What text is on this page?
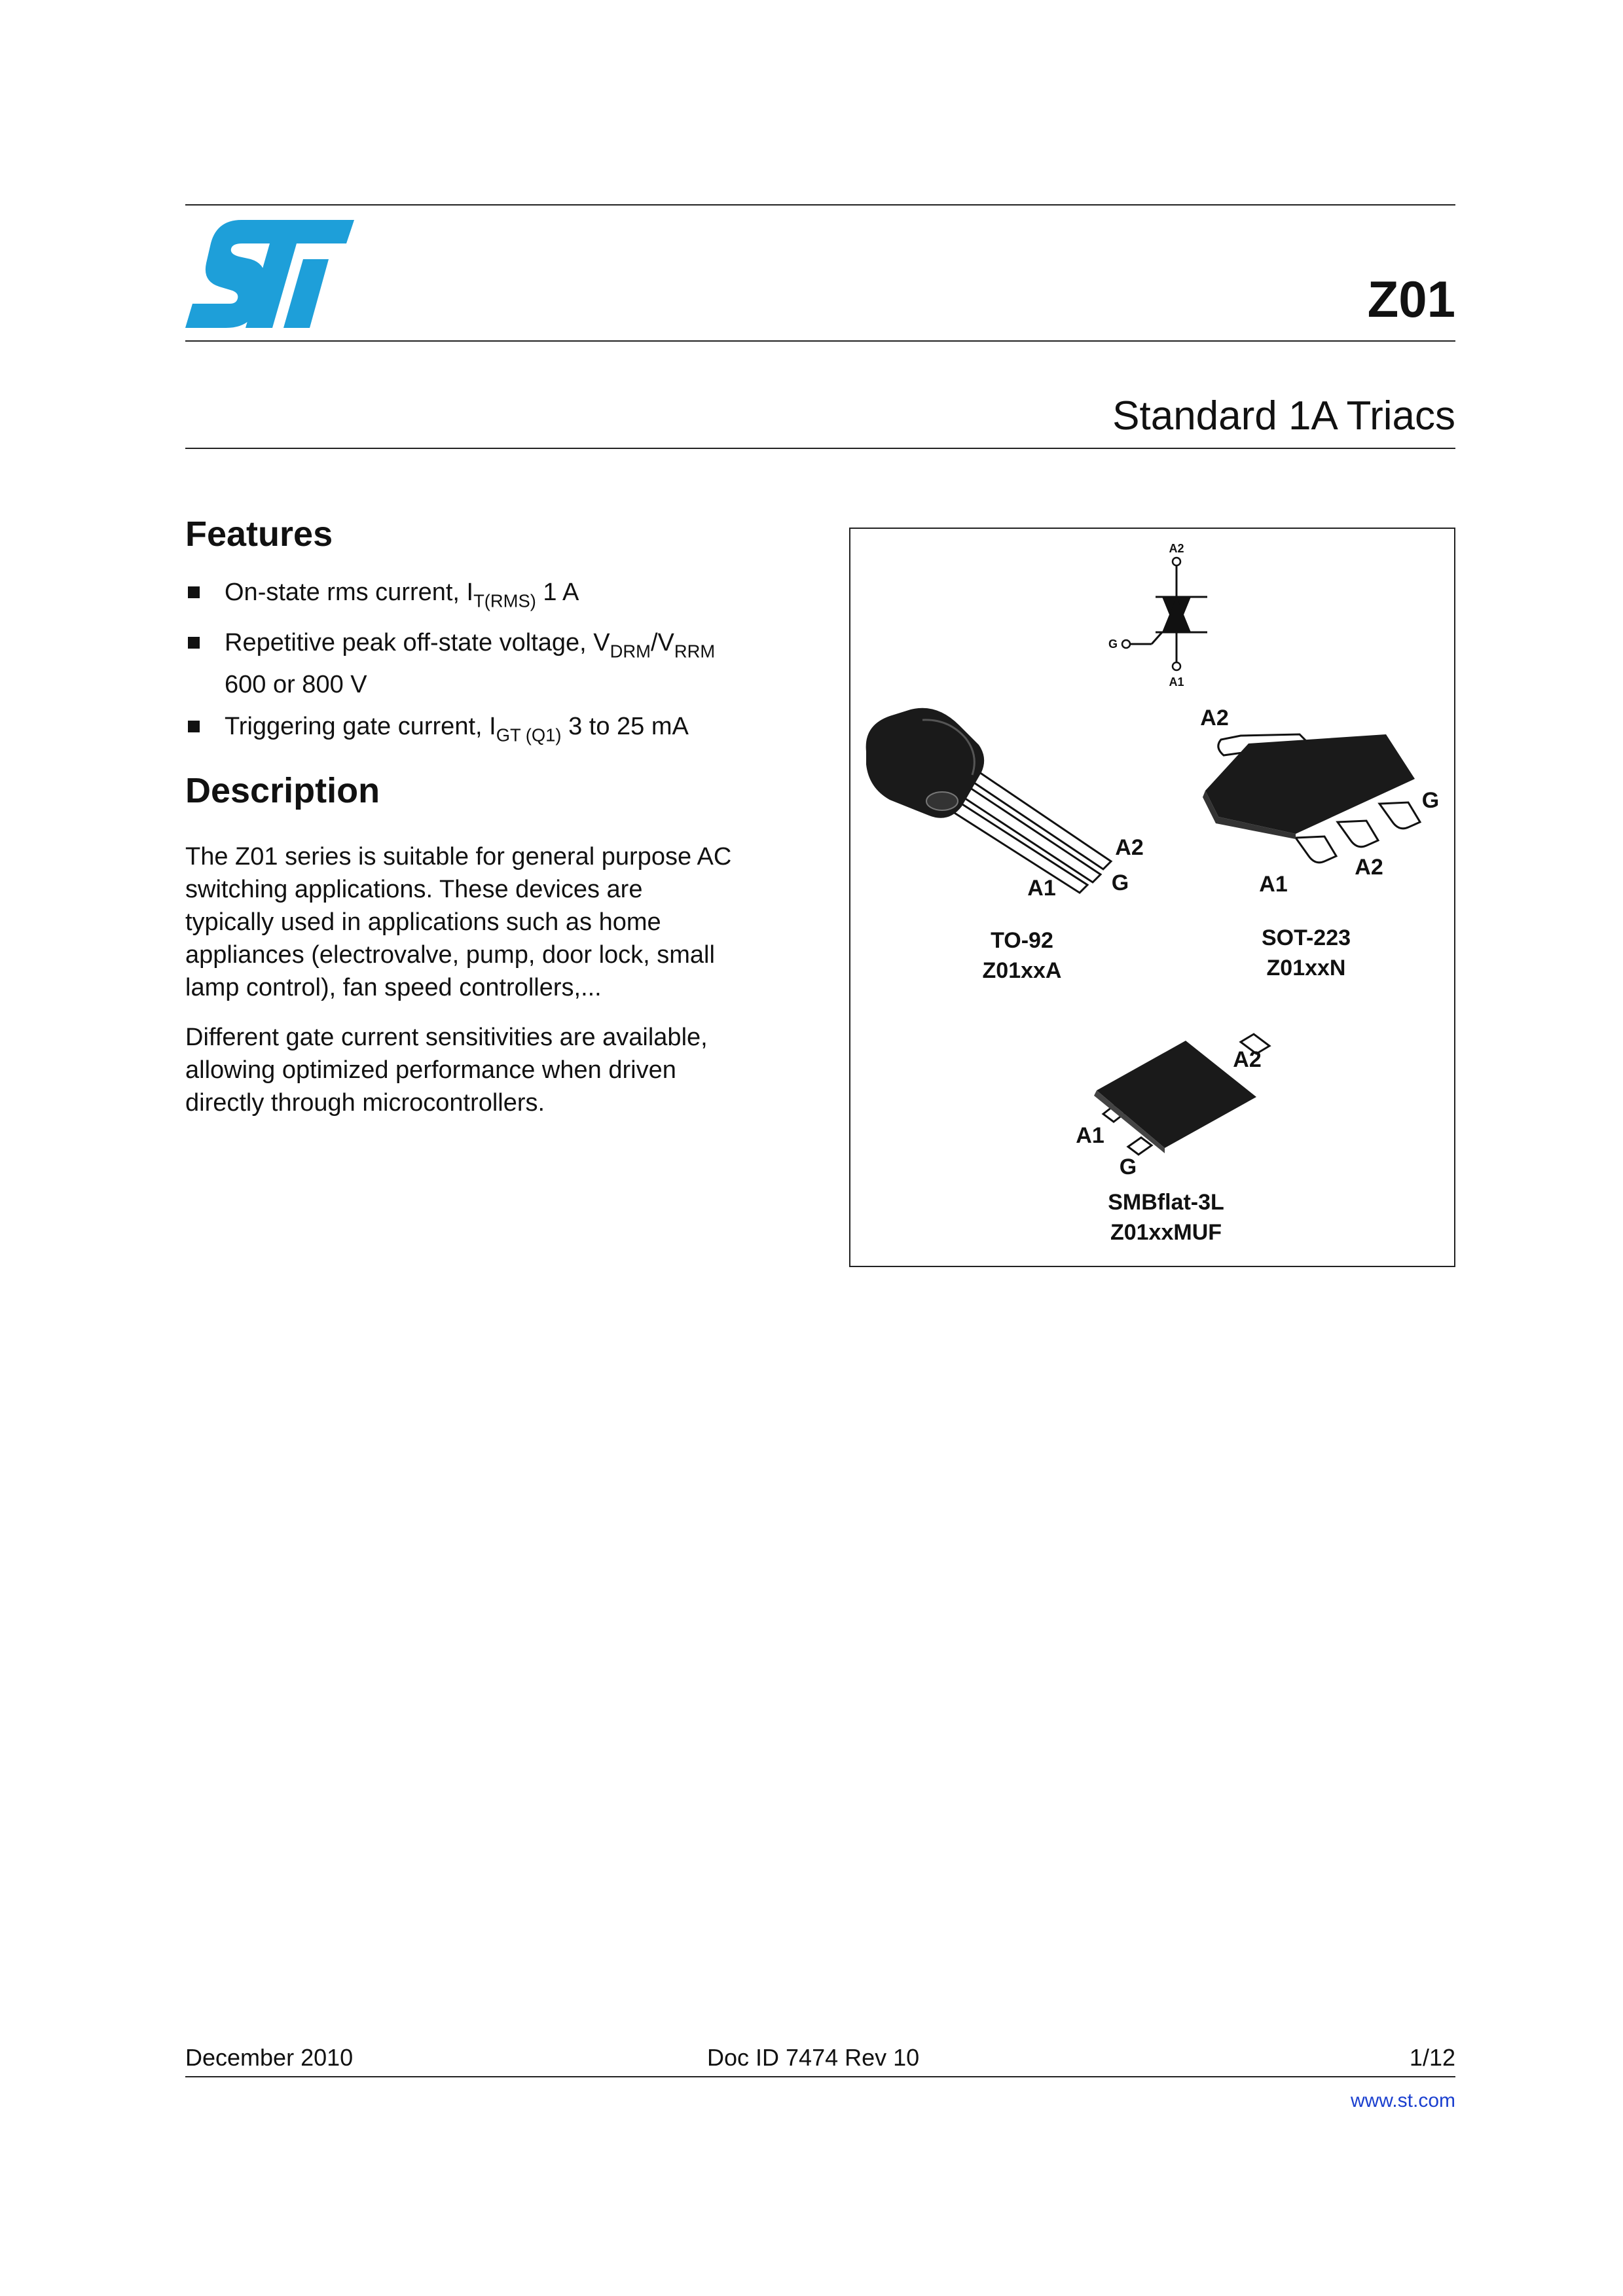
Z01
Standard 1A Triacs
Features
On-state rms current, $I_{T(RMS)}$ 1 A
Repetitive peak off-state voltage, $V_{DRM}/V_{RRM}$
600 or 800 V
Triggering gate current, $I_{GT (Q1)}$ 3 to 25 mA
Description
The Z01 series is suitable for general purpose AC
switching applications. These devices are
typically used in applications such as home
appliances (electrovalve, pump, door lock, small
lamp control), fan speed controllers,...
Different gate current sensitivities are available,
allowing optimized performance when driven
directly through microcontrollers.
A2
A1
G
A2
G
A1
TO-92
Z01xxA
A2
G
A2
A1
SOT-223
Z01xxN
A2
A1
G
SMBflat-3L
Z01xxMUF
December 2010	Doc ID 7474 Rev 10	1/12
www.st.com
